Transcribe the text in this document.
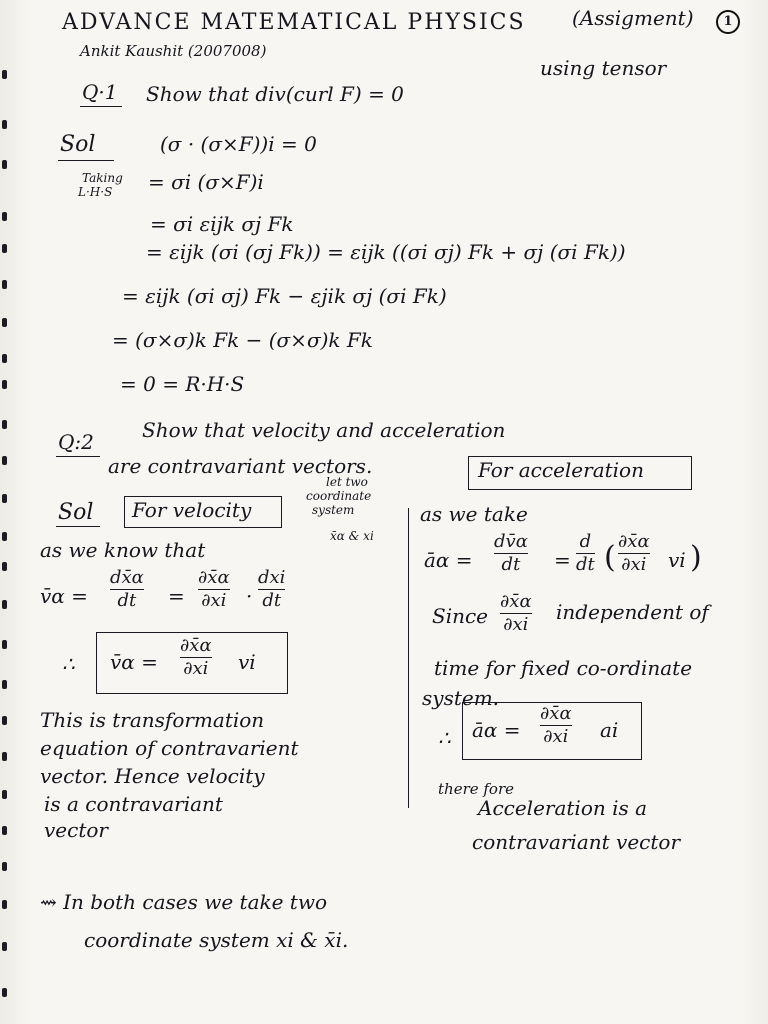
ADVANCE MATEMATICAL PHYSICS (Assigment)	1
Ankit Kaushit (2007008)
Q·1 Show that div(curl F) = 0
using tensor
Sol	(σ · (σ×F))i = 0
Taking
L·H·S = σi (σ×F)i
= σi εijk σj Fk
= εijk (σi (σj Fk)) = εijk ((σi σj) Fk + σj (σi Fk))
= εijk (σi σj) Fk − εjik σj (σi Fk)
= (σ×σ)k Fk − (σ×σ)k Fk
= 0 = R·H·S
Q:2 Show that velocity and acceleration
are contravariant vectors.
Sol For velocity
let two
coordinate
system
x̄α & xi
as we know that
v̄α =
dx̄α
dt	=
∂x̄α
∂xi ·
dxi
dt
∴ v̄α =
∂x̄α
∂xi vi
This is transformation
equation of contravarient
vector. Hence velocity
is a contravariant
vector
For acceleration
as we take
āα =
dv̄α
dt	=
d
dt ( ∂x̄α
∂xi vi )
Since
∂x̄α
∂xi
independent of
time for fixed co-ordinate
system.
∴ āα =
∂x̄α
∂xi ai
there fore
Acceleration is a
contravariant vector
⇝ In both cases we take two
coordinate system xi & x̄i.
